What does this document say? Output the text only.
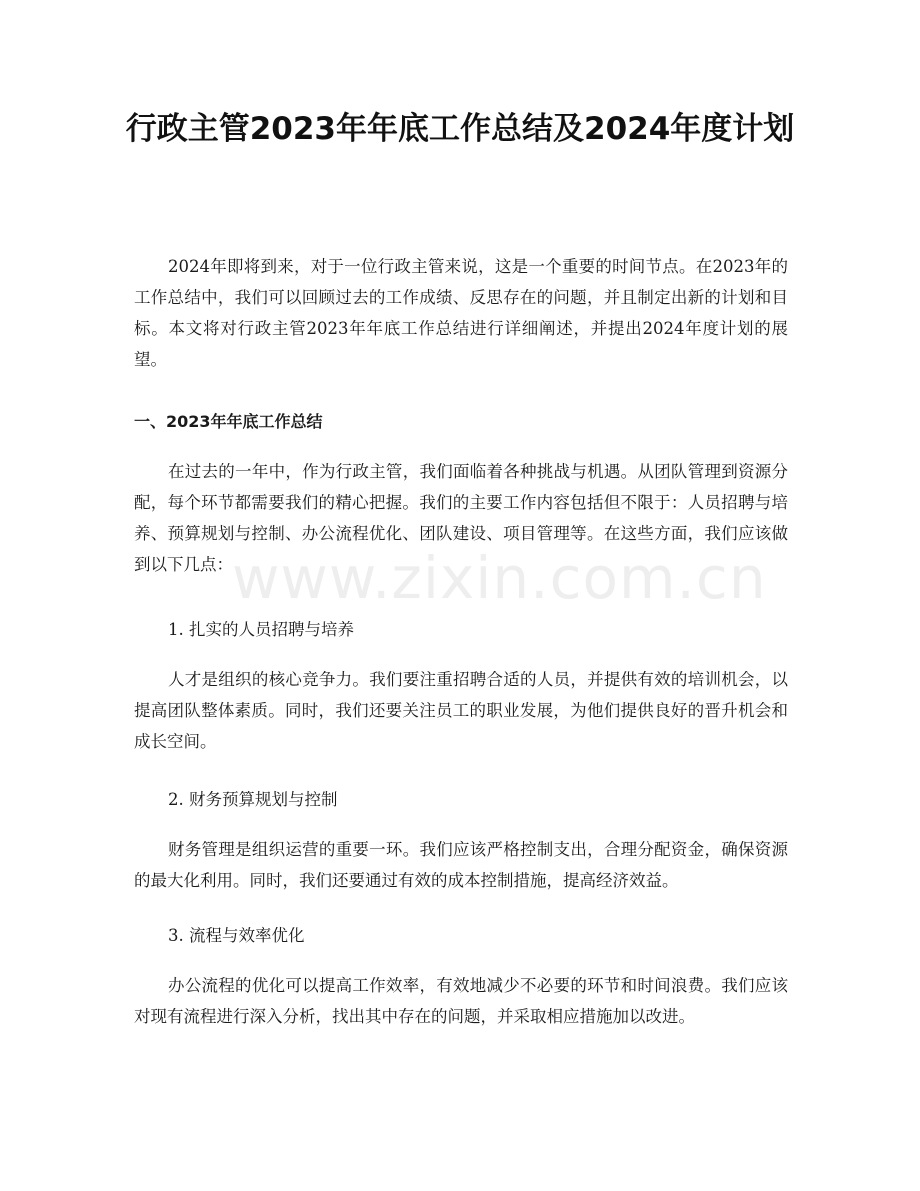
行政主管2023年年底工作总结及2024年度计划

2024年即将到来，对于一位行政主管来说，这是一个重要的时间节点。在2023年的工作总结中，我们可以回顾过去的工作成绩、反思存在的问题，并且制定出新的计划和目标。本文将对行政主管2023年年底工作总结进行详细阐述，并提出2024年度计划的展望。

一、2023年年底工作总结

在过去的一年中，作为行政主管，我们面临着各种挑战与机遇。从团队管理到资源分配，每个环节都需要我们的精心把握。我们的主要工作内容包括但不限于：人员招聘与培养、预算规划与控制、办公流程优化、团队建设、项目管理等。在这些方面，我们应该做到以下几点：

1. 扎实的人员招聘与培养

人才是组织的核心竞争力。我们要注重招聘合适的人员，并提供有效的培训机会，以提高团队整体素质。同时，我们还要关注员工的职业发展，为他们提供良好的晋升机会和成长空间。

2. 财务预算规划与控制

财务管理是组织运营的重要一环。我们应该严格控制支出，合理分配资金，确保资源的最大化利用。同时，我们还要通过有效的成本控制措施，提高经济效益。

3. 流程与效率优化

办公流程的优化可以提高工作效率，有效地减少不必要的环节和时间浪费。我们应该对现有流程进行深入分析，找出其中存在的问题，并采取相应措施加以改进。

www.zixin.com.cn
